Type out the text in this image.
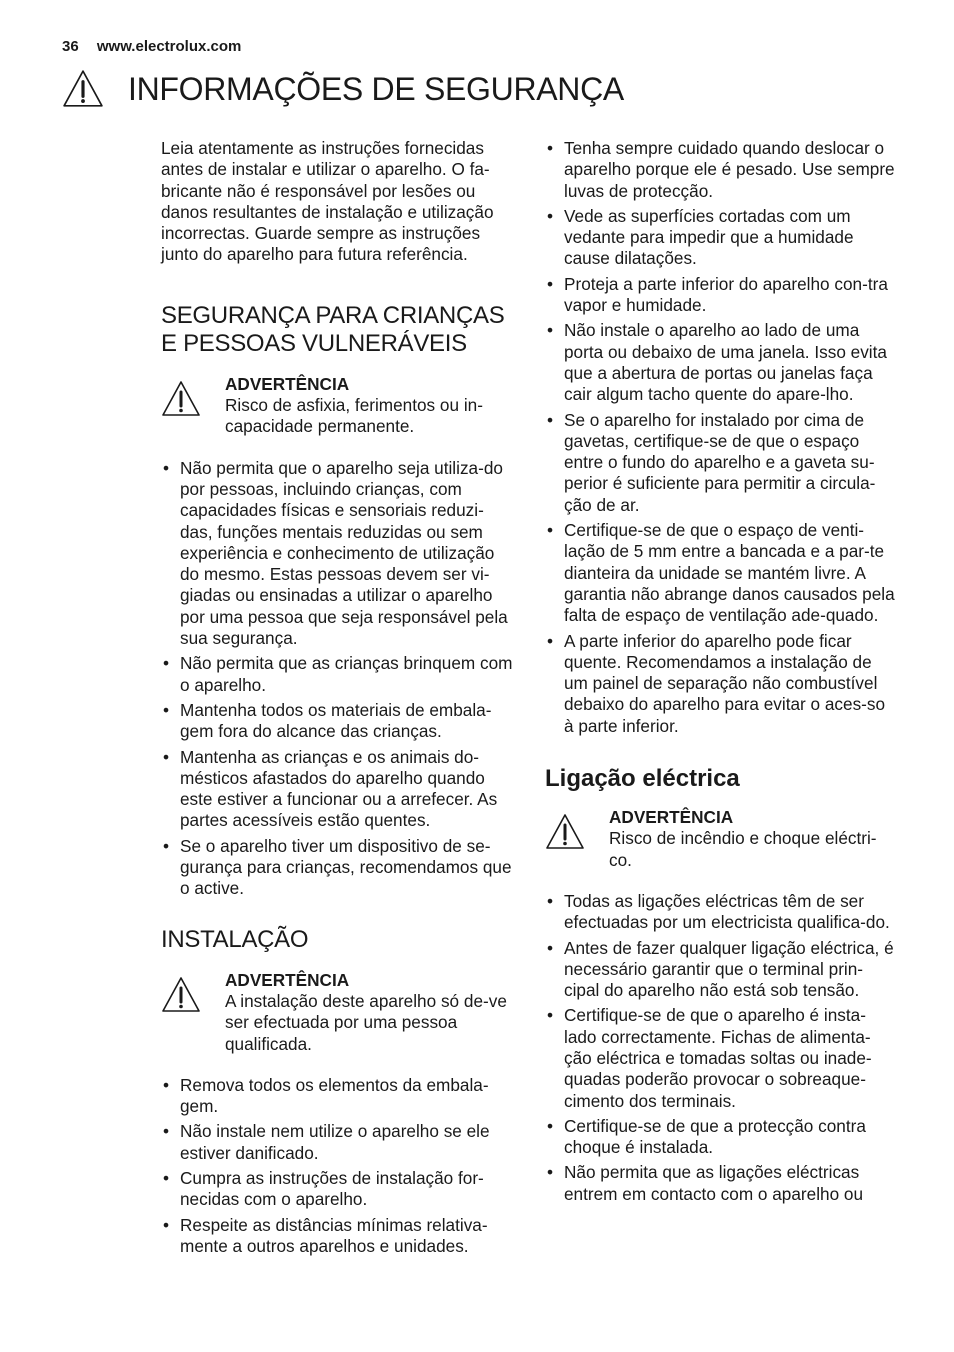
36 www.electrolux.com
INFORMAÇÕES DE SEGURANÇA

Leia atentamente as instruções fornecidas antes de instalar e utilizar o aparelho. O fa-bricante não é responsável por lesões ou danos resultantes de instalação e utilização incorrectas. Guarde sempre as instruções junto do aparelho para futura referência.

SEGURANÇA PARA CRIANÇAS E PESSOAS VULNERÁVEIS
ADVERTÊNCIA
Risco de asfixia, ferimentos ou in-capacidade permanente.
• Não permita que o aparelho seja utiliza-do por pessoas, incluindo crianças, com capacidades físicas e sensoriais reduzi-das, funções mentais reduzidas ou sem experiência e conhecimento de utilização do mesmo. Estas pessoas devem ser vi-giadas ou ensinadas a utilizar o aparelho por uma pessoa que seja responsável pela sua segurança.
• Não permita que as crianças brinquem com o aparelho.
• Mantenha todos os materiais de embala-gem fora do alcance das crianças.
• Mantenha as crianças e os animais do-mésticos afastados do aparelho quando este estiver a funcionar ou a arrefecer. As partes acessíveis estão quentes.
• Se o aparelho tiver um dispositivo de se-gurança para crianças, recomendamos que o active.
INSTALAÇÃO
ADVERTÊNCIA
A instalação deste aparelho só de-ve ser efectuada por uma pessoa qualificada.
• Remova todos os elementos da embala-gem.
• Não instale nem utilize o aparelho se ele estiver danificado.
• Cumpra as instruções de instalação for-necidas com o aparelho.
• Respeite as distâncias mínimas relativa-mente a outros aparelhos e unidades.
• Tenha sempre cuidado quando deslocar o aparelho porque ele é pesado. Use sempre luvas de protecção.
• Vede as superfícies cortadas com um vedante para impedir que a humidade cause dilatações.
• Proteja a parte inferior do aparelho con-tra vapor e humidade.
• Não instale o aparelho ao lado de uma porta ou debaixo de uma janela. Isso evita que a abertura de portas ou janelas faça cair algum tacho quente do apare-lho.
• Se o aparelho for instalado por cima de gavetas, certifique-se de que o espaço entre o fundo do aparelho e a gaveta su-perior é suficiente para permitir a circula-ção de ar.
• Certifique-se de que o espaço de venti-lação de 5 mm entre a bancada e a par-te dianteira da unidade se mantém livre. A garantia não abrange danos causados pela falta de espaço de ventilação ade-quado.
• A parte inferior do aparelho pode ficar quente. Recomendamos a instalação de um painel de separação não combustível debaixo do aparelho para evitar o aces-so à parte inferior.
Ligação eléctrica
ADVERTÊNCIA
Risco de incêndio e choque eléctri-co.
• Todas as ligações eléctricas têm de ser efectuadas por um electricista qualifica-do.
• Antes de fazer qualquer ligação eléctrica, é necessário garantir que o terminal prin-cipal do aparelho não está sob tensão.
• Certifique-se de que o aparelho é insta-lado correctamente. Fichas de alimenta-ção eléctrica e tomadas soltas ou inade-quadas poderão provocar o sobreaque-cimento dos terminais.
• Certifique-se de que a protecção contra choque é instalada.
• Não permita que as ligações eléctricas entrem em contacto com o aparelho ou
